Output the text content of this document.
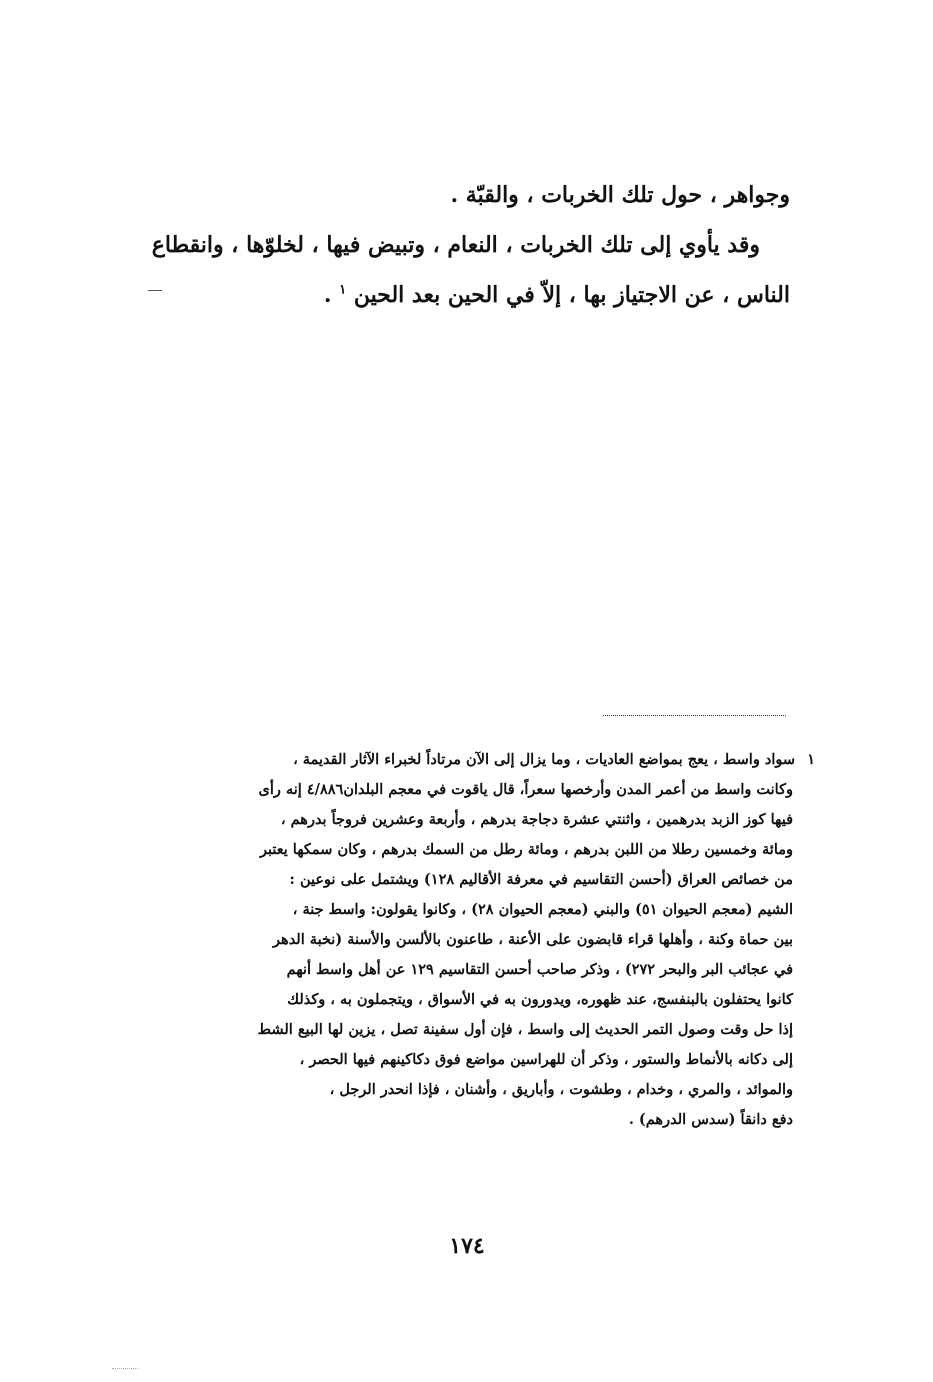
وجواهر ، حول تلك الخربات ، والقبّة .
وقد يأوي إلى تلك الخربات ، النعام ، وتبيض فيها ، لخلوّها ، وانقطاع
الناس ، عن الاجتياز بها ، إلاّ في الحين بعد الحين $^١$ .
١سواد واسط ، يعج بمواضع العاديات ، وما يزال إلى الآن مرتاداً لخبراء الآثار القديمة ،
وكانت واسط من أعمر المدن وأرخصها سعراً، قال ياقوت في معجم البلدان٤/٨٨٦ إنه رأى
فيها كوز الزبد بدرهمين ، واثنتي عشرة دجاجة بدرهم ، وأربعة وعشرين فروجاً بدرهم ،
ومائة وخمسين رطلا من اللبن بدرهم ، ومائة رطل من السمك بدرهم ، وكان سمكها يعتبر
من خصائص العراق (أحسن التقاسيم في معرفة الأقاليم ١٢٨) ويشتمل على نوعين :
الشيم (معجم الحيوان ٥١) والبني (معجم الحيوان ٢٨) ، وكانوا يقولون: واسط جنة ،
بين حماة وكنة ، وأهلها قراء قابضون على الأعنة ، طاعنون بالألسن والأسنة (نخبة الدهر
في عجائب البر والبحر ٢٧٢) ، وذكر صاحب أحسن التقاسيم ١٢٩ عن أهل واسط أنهم
كانوا يحتفلون بالبنفسج، عند ظهوره، ويدورون به في الأسواق ، ويتجملون به ، وكذلك
إذا حل وقت وصول التمر الحديث إلى واسط ، فإن أول سفينة تصل ، يزين لها البيع الشط
إلى دكانه بالأنماط والستور ، وذكر أن للهراسين مواضع فوق دكاكينهم فيها الحصر ،
والموائد ، والمري ، وخدام ، وطشوت ، وأباريق ، وأشنان ، فإذا انحدر الرجل ،
دفع دانقاً (سدس الدرهم) .
١٧٤
